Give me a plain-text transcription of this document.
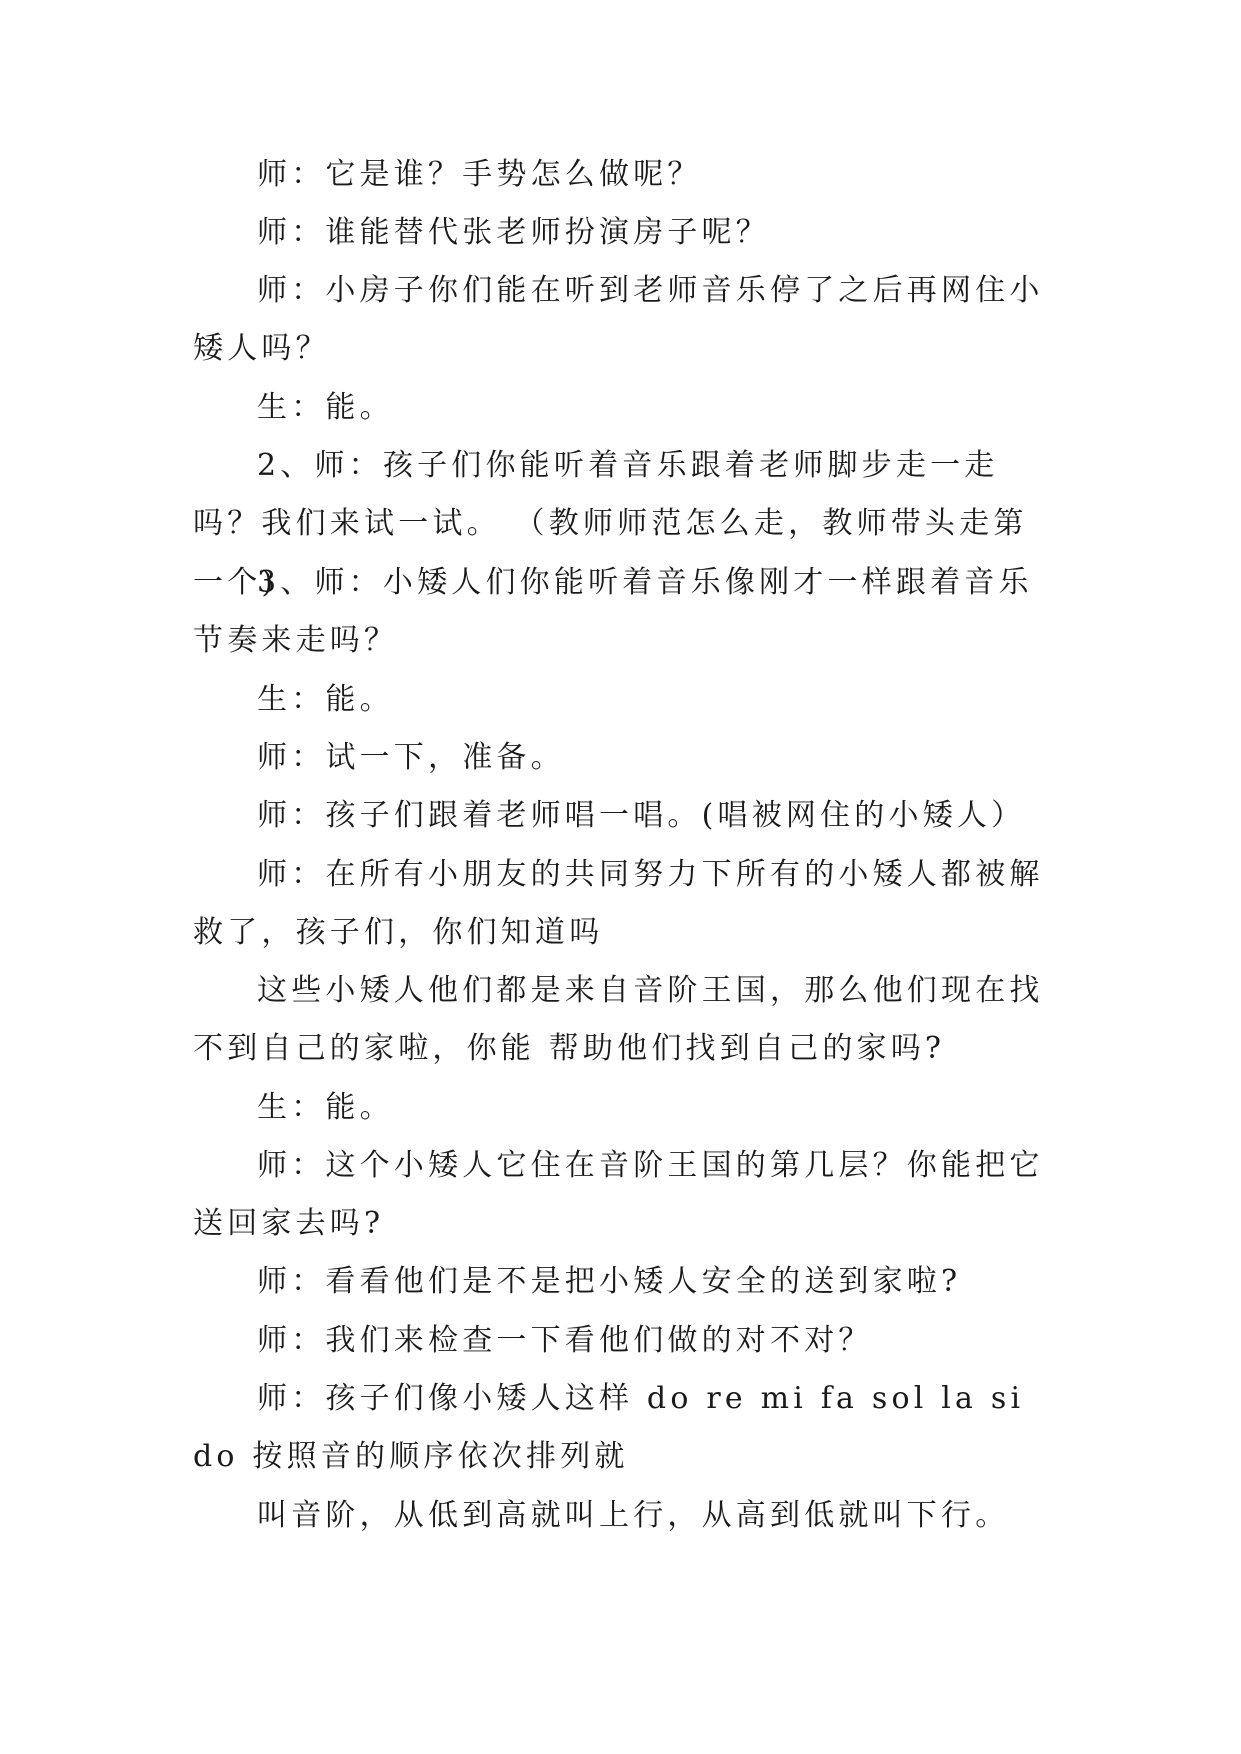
师：它是谁？手势怎么做呢？

师：谁能替代张老师扮演房子呢？

师：小房子你们能在听到老师音乐停了之后再网住小矮人吗？

生：能。

2、师：孩子们你能听着音乐跟着老师脚步走一走吗？我们来试一试。 （教师师范怎么走，教师带头走第一个)

3、师：小矮人们你能听着音乐像刚才一样跟着音乐节奏来走吗？

生：能。

师：试一下，准备。

师：孩子们跟着老师唱一唱。(唱被网住的小矮人）

师：在所有小朋友的共同努力下所有的小矮人都被解救了，孩子们，你们知道吗

这些小矮人他们都是来自音阶王国，那么他们现在找不到自己的家啦，你能 帮助他们找到自己的家吗?

生：能。

师：这个小矮人它住在音阶王国的第几层？你能把它送回家去吗?

师：看看他们是不是把小矮人安全的送到家啦?

师：我们来检查一下看他们做的对不对？

师：孩子们像小矮人这样 do re mi fa sol la si do 按照音的顺序依次排列就

叫音阶，从低到高就叫上行，从高到低就叫下行。
